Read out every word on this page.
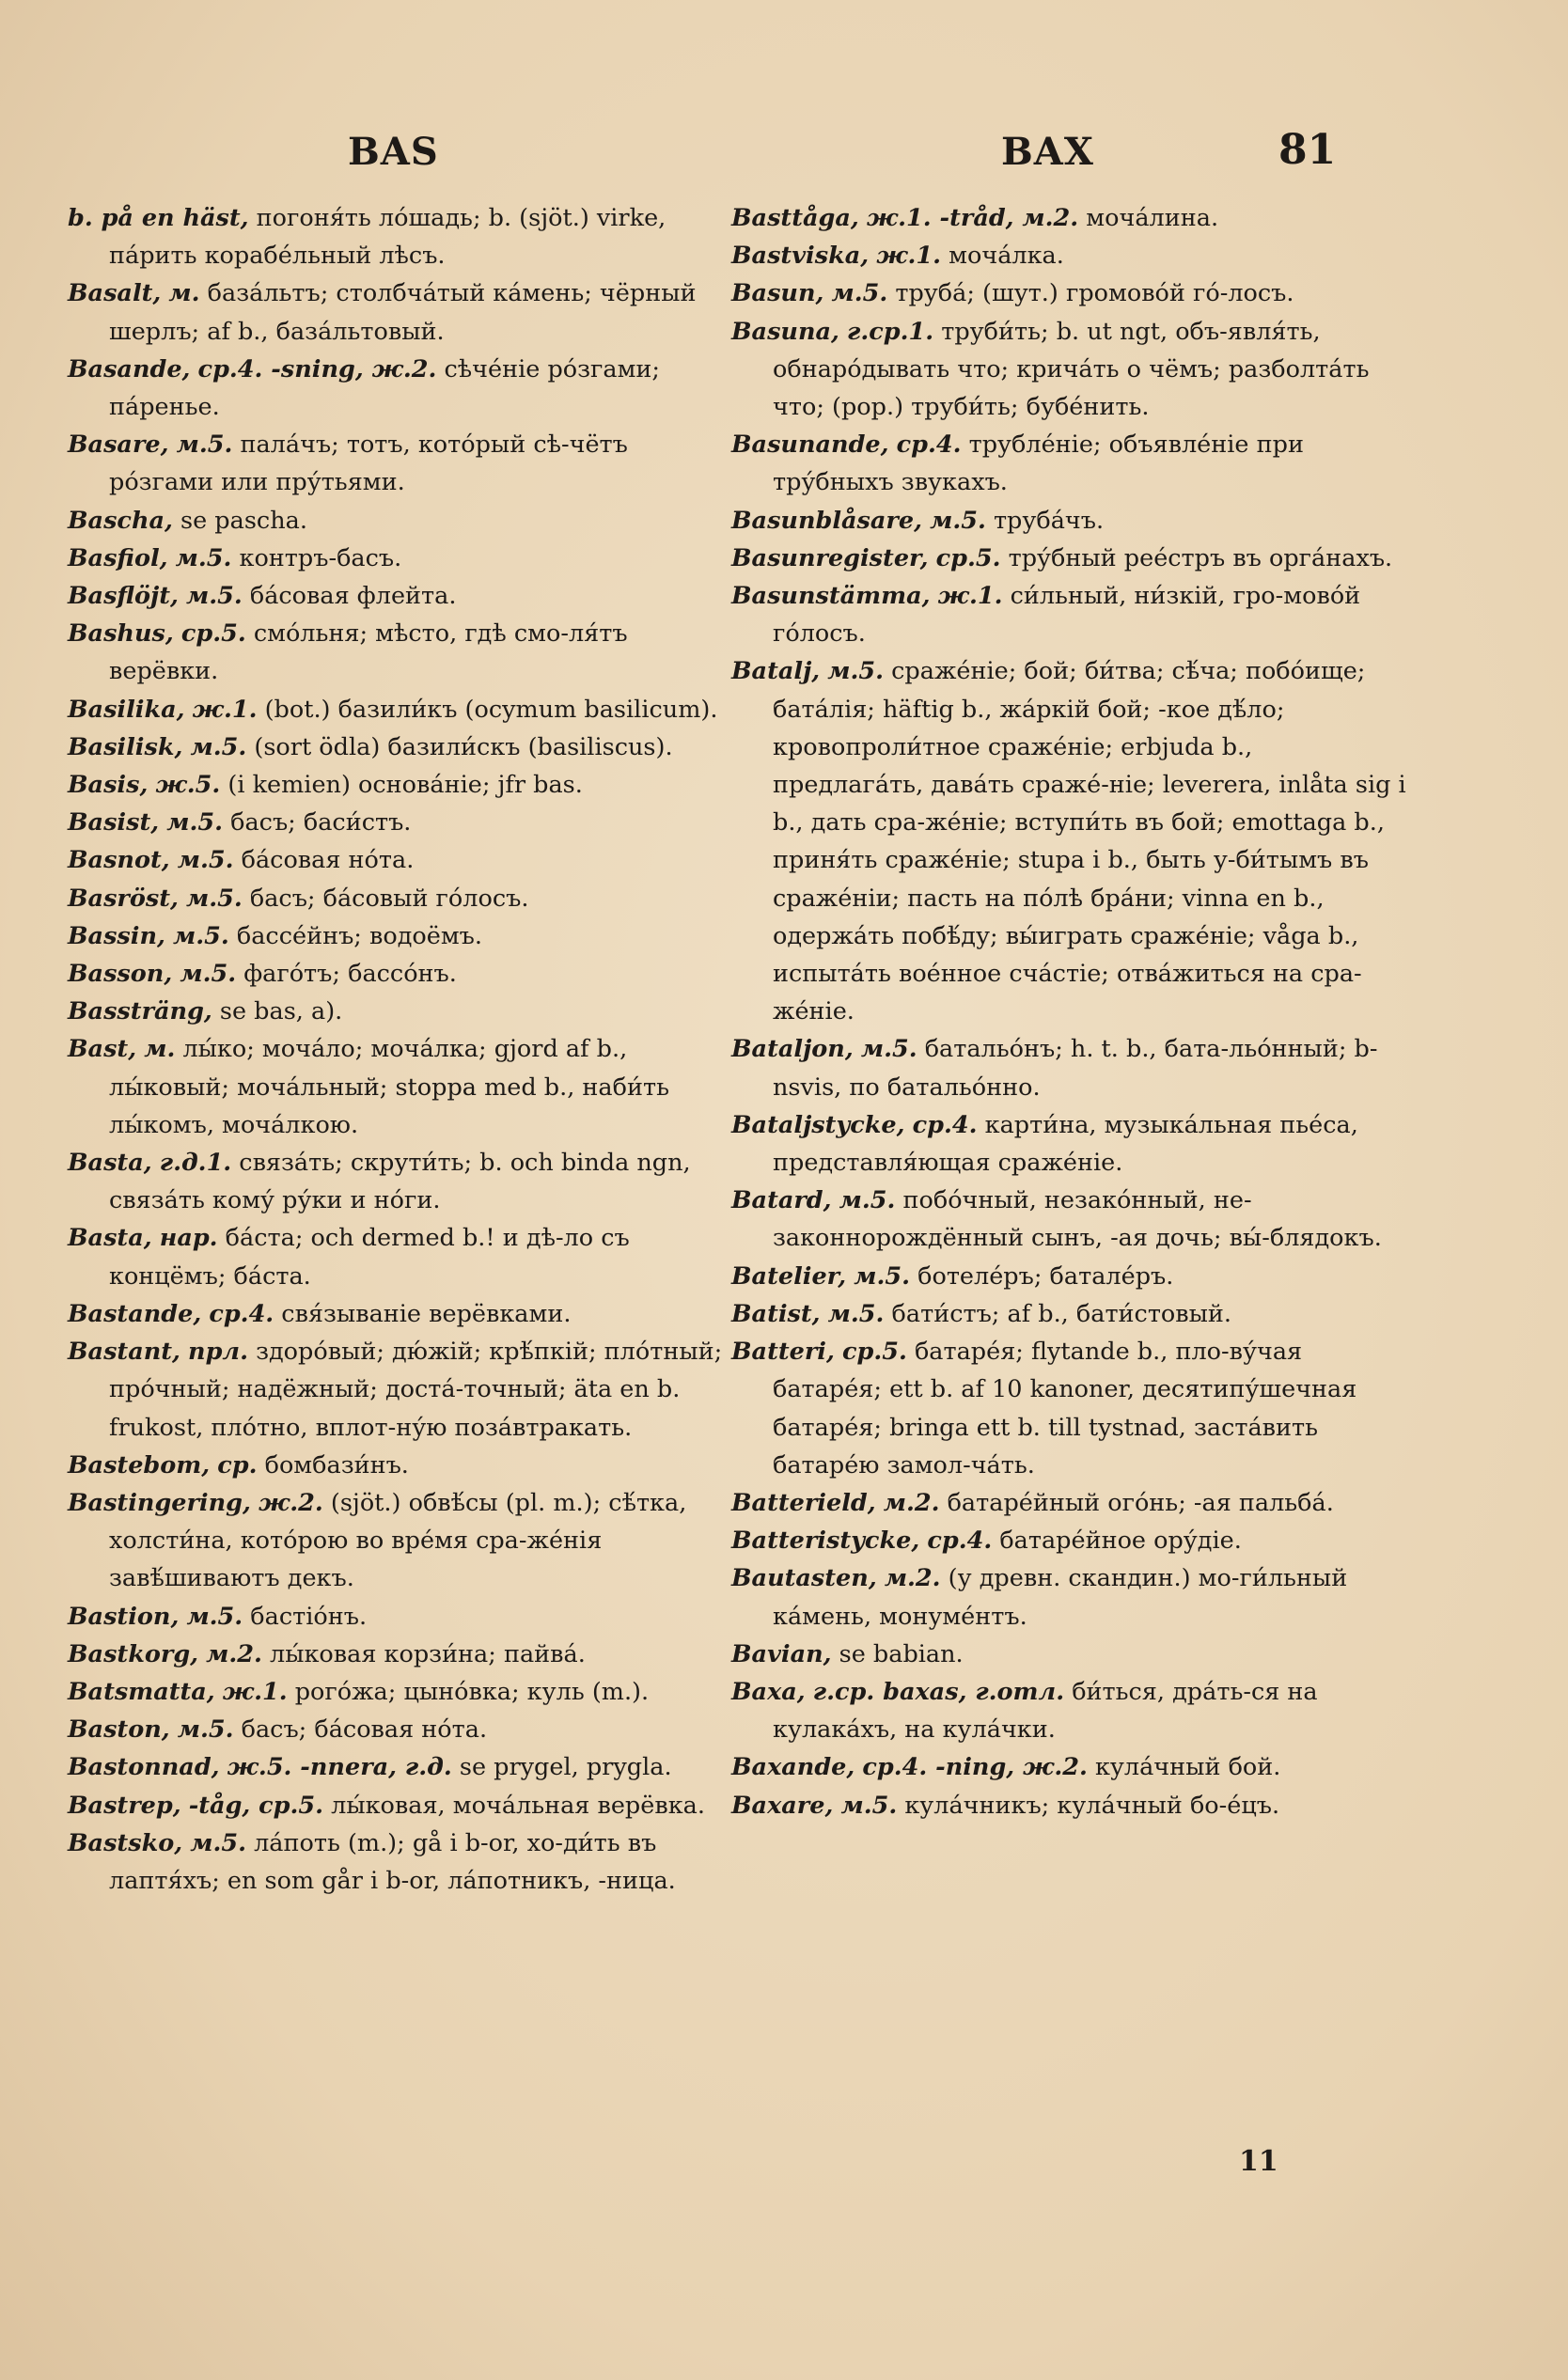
BAS	BAX	81

b. på en häst, погоня́ть ло́шадь; b. (sjöt.) virke, па́рить корабе́льный лѣсъ.

Basalt, м. база́льтъ; столбча́тый ка́мень; чёрный шерлъ; af b., база́льтовый.

Basande, ср.4. -sning, ж.2. сѣче́ніе ро́згами; па́реньe.

Basare, м.5. пала́чъ; тотъ, кото́рый сѣ-чётъ ро́згами или пру́тьями.

Bascha, se pascha.

Basfiol, м.5. контръ-басъ.

Basflöjt, м.5. ба́совая флейта.

Bashus, ср.5. смо́льня; мѣсто, гдѣ смо-ля́тъ верёвки.

Basilika, ж.1. (bot.) базили́къ (ocymum basilicum).

Basilisk, м.5. (sort ödla) базили́скъ (basiliscus).

Basis, ж.5. (i kemien) основа́ніе; jfr bas.

Basist, м.5. басъ; баси́стъ.

Basnot, м.5. ба́совая но́та.

Basröst, м.5. басъ; ба́совый го́лосъ.

Bassin, м.5. бассе́йнъ; водоёмъ.

Basson, м.5. фаго́тъ; бассо́нъ.

Bassträng, se bas, a).

Bast, м. лы́ко; моча́ло; моча́лка; gjord af b., лы́ковый; моча́льный; stoppa med b., наби́ть лы́комъ, моча́лкою.

Basta, г.д.1. связа́ть; скрути́ть; b. och binda ngn, связа́ть кому́ ру́ки и но́ги.

Basta, нар. ба́ста; och dermed b.! и дѣ-ло съ концёмъ; ба́ста.

Bastande, ср.4. свя́зываніе верёвками.

Bastant, прл. здоро́вый; дю́жій; крѣ́пкій; пло́тный; про́чный; надёжный; доста́-точный; äta en b. frukost, пло́тно, вплот-ну́ю поза́втракать.

Bastebom, ср. бомбази́нъ.

Bastingering, ж.2. (sjöt.) обвѣ́сы (pl. m.); сѣ́тка, холсти́на, кото́рою во вре́мя сра-же́нія завѣ́шиваютъ декъ.

Bastion, м.5. бастіо́нъ.

Bastkorg, м.2. лы́ковая корзи́на; пайва́.

Batsmatta, ж.1. рого́жа; цыно́вка; куль (m.).

Baston, м.5. басъ; ба́совая но́та.

Bastonnad, ж.5. -nnera, г.д. se prygel, prygla.

Bastrep, -tåg, ср.5. лы́ковая, моча́льная верёвка.

Bastsko, м.5. ла́поть (m.); gå i b-or, хо-ди́ть въ лаптя́хъ; en som går i b-or, ла́потникъ, -ница.

Basttåga, ж.1. -tråd, м.2. моча́лина.

Bastviska, ж.1. моча́лка.

Basun, м.5. труба́; (шут.) громово́й го́-лосъ.

Basuna, г.ср.1. труби́ть; b. ut ngt, объ-явля́ть, обнаро́дывать что; крича́ть о чёмъ; разболта́ть что; (рор.) труби́ть; бубе́нить.

Basunande, ср.4. трубле́ніе; объявле́ніе при тру́бныхъ звукахъ.

Basunblåsare, м.5. труба́чъ.

Basunregister, ср.5. тру́бный рее́стръ въ орга́нахъ.

Basunstämma, ж.1. си́льный, ни́зкій, гро-мово́й го́лосъ.

Batalj, м.5. сраже́ніе; бой; би́тва; сѣ́ча; побо́ище; бата́лія; häftig b., жа́ркій бой; -кое дѣ́ло; кровопроли́тное сраже́ніе; erbjuda b., предлага́ть, дава́ть сраже́-ніе; leverera, inlåta sig i b., дать сра-же́ніе; вступи́ть въ бой; emottaga b., приня́ть сраже́ніе; stupa i b., быть у-би́тымъ въ сраже́ніи; пасть на по́лѣ бра́ни; vinna en b., одержа́ть побѣ́ду; вы́играть сраже́ніе; våga b., испыта́ть вое́нное сча́стіе; отва́житься на сра-же́ніе.

Bataljon, м.5. батальо́нъ; h. t. b., бата-льо́нный; b-nsvis, по батальо́нно.

Bataljstycke, ср.4. карти́на, музыка́льная пье́са, представля́ющая сраже́ніе.

Batard, м.5. побо́чный, незако́нный, не-законнорождённый сынъ, -ая дочь; вы́-блядокъ.

Batelier, м.5. ботеле́ръ; батале́ръ.

Batist, м.5. бати́стъ; af b., бати́стовый.

Batteri, ср.5. батаре́я; flytande b., пло-ву́чая батаре́я; ett b. af 10 kanoner, десятипу́шечная батаре́я; bringa ett b. till tystnad, заста́вить батаре́ю замол-ча́ть.

Batterield, м.2. батаре́йный ого́нь; -ая пальба́.

Batteristycke, ср.4. батаре́йное ору́діе.

Bautasten, м.2. (у древн. скандин.) мо-ги́льный ка́мень, монуме́нтъ.

Bavian, se babian.

Baxa, г.ср. baxas, г.отл. би́ться, дра́ть-ся на кулака́хъ, на кула́чки.

Baxande, ср.4. -ning, ж.2. кула́чный бой.

Baxare, м.5. кула́чникъ; кула́чный бо-е́цъ.

11
